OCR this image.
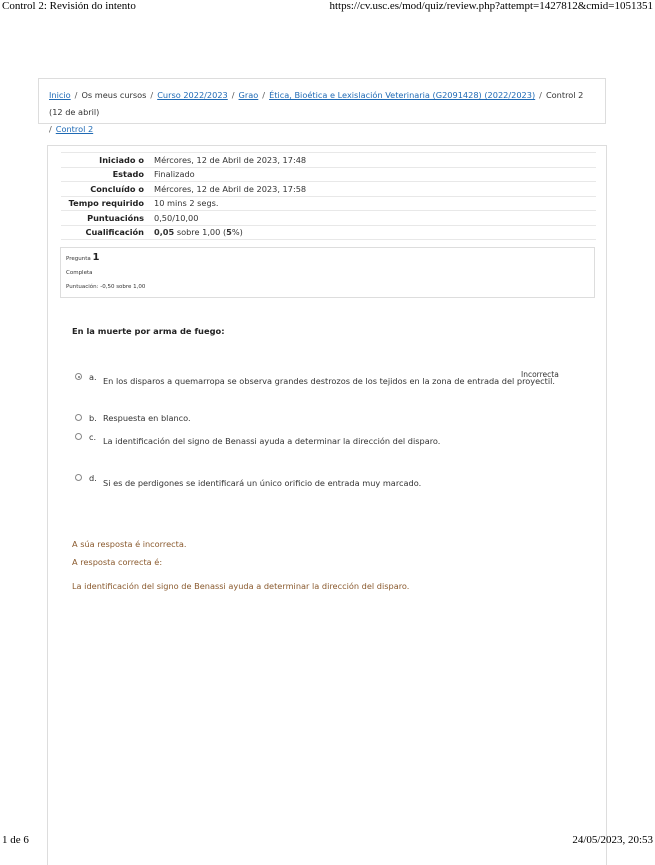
Control 2: Revisión do intento	https://cv.usc.es/mod/quiz/review.php?attempt=1427812&cmid=1051351
Inicio / Os meus cursos / Curso 2022/2023 / Grao / Ética, Bioética e Lexislación Veterinaria (G2091428) (2022/2023) / Control 2 (12 de abril)
/ Control 2
Iniciado o	Mércores, 12 de Abril de 2023, 17:48
Estado	Finalizado
Concluído o	Mércores, 12 de Abril de 2023, 17:58
Tempo requirido	10 mins 2 segs.
Puntuacións	0,50/10,00
Cualificación	0,05 sobre 1,00 (5%)
Pregunta 1
Completa
Puntuación: -0,50 sobre 1,00
En la muerte por arma de fuego:
a. En los disparos a quemarropa se observa grandes destrozos de los tejidos en la zona de entrada del proyectil.
Incorrecta
b. Respuesta en blanco.
c. La identificación del signo de Benassi ayuda a determinar la dirección del disparo.
d. Si es de perdigones se identificará un único orificio de entrada muy marcado.
A súa resposta é incorrecta.
A resposta correcta é:
La identificación del signo de Benassi ayuda a determinar la dirección del disparo.
1 de 6	24/05/2023, 20:53
